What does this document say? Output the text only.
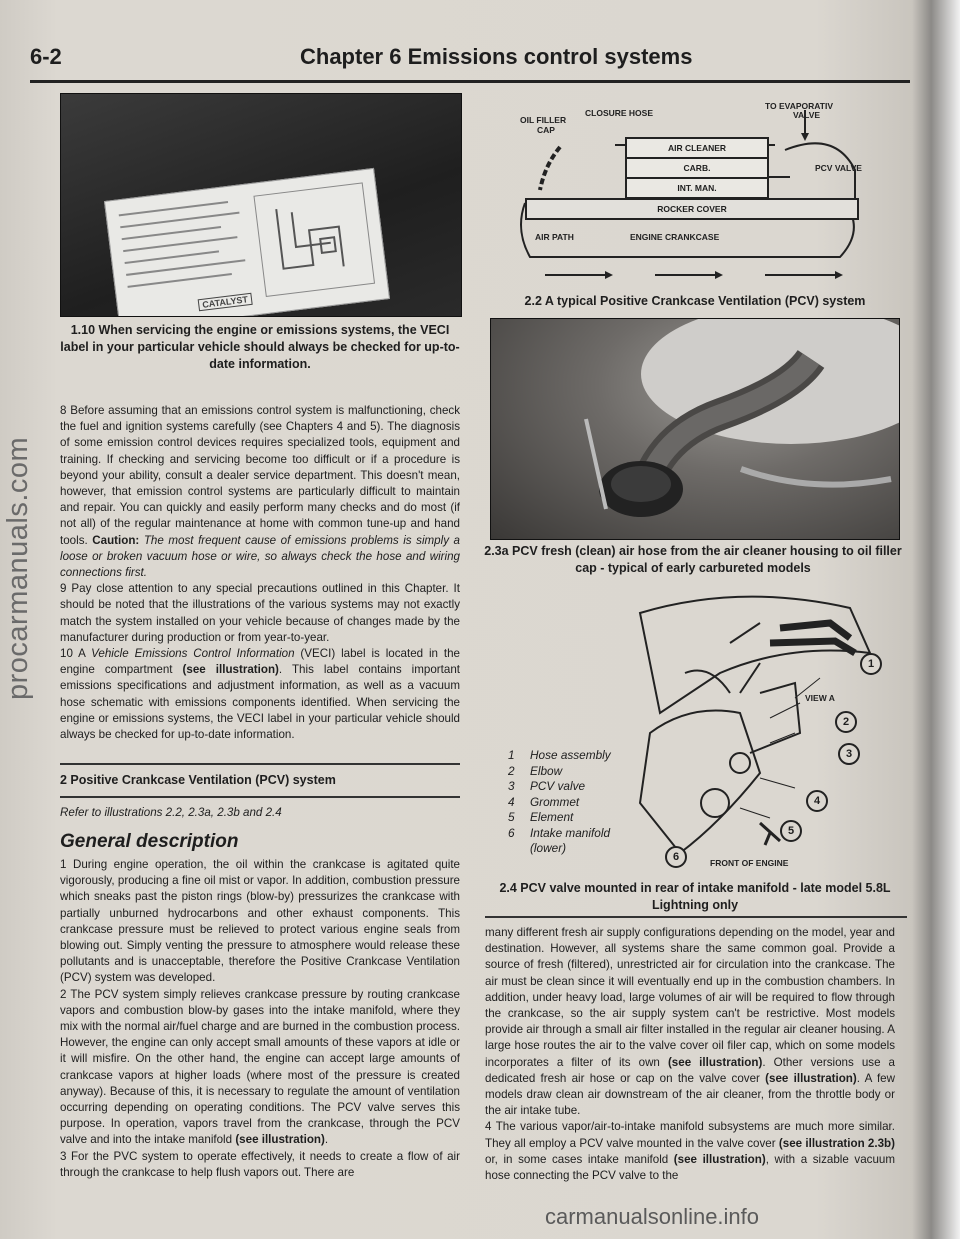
6-2	Chapter 6 Emissions control systems
procarmanuals.com
CATALYST
1.10 When servicing the engine or emissions systems, the VECI label in your particular vehicle should always be checked for up-to-date information.

8 Before assuming that an emissions control system is malfunctioning, check the fuel and ignition systems carefully (see Chapters 4 and 5). The diagnosis of some emission control devices requires specialized tools, equipment and training. If checking and servicing become too difficult or if a procedure is beyond your ability, consult a dealer service department. This doesn't mean, however, that emission control systems are particularly difficult to maintain and repair. You can quickly and easily perform many checks and do most (if not all) of the regular maintenance at home with common tune-up and hand tools. Caution: The most frequent cause of emissions problems is simply a loose or broken vacuum hose or wire, so always check the hose and wiring connections first.

9 Pay close attention to any special precautions outlined in this Chapter. It should be noted that the illustrations of the various systems may not exactly match the system installed on your vehicle because of changes made by the manufacturer during production or from year-to-year.

10 A Vehicle Emissions Control Information (VECI) label is located in the engine compartment (see illustration). This label contains important emissions specifications and adjustment information, as well as a vacuum hose schematic with emissions components identified. When servicing the engine or emissions systems, the VECI label in your particular vehicle should always be checked for up-to-date information.

2 Positive Crankcase Ventilation (PCV) system
Refer to illustrations 2.2, 2.3a, 2.3b and 2.4
General description

1 During engine operation, the oil within the crankcase is agitated quite vigorously, producing a fine oil mist or vapor. In addition, combustion pressure which sneaks past the piston rings (blow-by) pressurizes the crankcase with partially unburned hydrocarbons and other exhaust components. This crankcase pressure must be relieved to protect various engine seals from blowing out. Simply venting the pressure to atmosphere would release these pollutants and is unacceptable, therefore the Positive Crankcase Ventilation (PCV) system was developed.

2 The PCV system simply relieves crankcase pressure by routing crankcase vapors and combustion blow-by gases into the intake manifold, where they mix with the normal air/fuel charge and are burned in the combustion process. However, the engine can only accept small amounts of these vapors at idle or it will misfire. On the other hand, the engine can accept large amounts of crankcase vapors at higher loads (where most of the pressure is created anyway). Because of this, it is necessary to regulate the amount of ventilation occurring depending on operating conditions. The PCV valve serves this purpose. In operation, vapors travel from the crankcase, through the PCV valve and into the intake manifold (see illustration).

3 For the PVC system to operate effectively, it needs to create a flow of air through the crankcase to help flush vapors out. There are

OIL FILLER
CAP
CLOSURE HOSE
TO EVAPORATIV
VALVE
AIR CLEANER
CARB.
INT. MAN.
PCV VALVE
ROCKER COVER
AIR PATH	ENGINE CRANKCASE
2.2 A typical Positive Crankcase Ventilation (PCV) system
2.3a PCV fresh (clean) air hose from the air cleaner housing to oil filler cap - typical of early carbureted models
1
2
3
4
5
6
VIEW A
FRONT OF ENGINE
1 Hose assembly
2 Elbow
3 PCV valve
4 Grommet
5 Element
6 Intake manifold
(lower)
2.4 PCV valve mounted in rear of intake manifold - late model 5.8L Lightning only

many different fresh air supply configurations depending on the model, year and destination. However, all systems share the same common goal. Provide a source of fresh (filtered), unrestricted air for circulation into the crankcase. The air must be clean since it will eventually end up in the combustion chambers. In addition, under heavy load, large volumes of air will be required to flow through the crankcase, so the air supply system can't be restrictive. Most models provide air through a small air filter installed in the regular air cleaner housing. A large hose routes the air to the valve cover oil filer cap, which on some models incorporates a filter of its own (see illustration). Other versions use a dedicated fresh air hose or cap on the valve cover (see illustration). A few models draw clean air downstream of the air cleaner, from the throttle body or the air intake tube.

4 The various vapor/air-to-intake manifold subsystems are much more similar. They all employ a PCV valve mounted in the valve cover (see illustration 2.3b) or, in some cases intake manifold (see illustration), with a sizable vacuum hose connecting the PCV valve to the

carmanualsonline.info
